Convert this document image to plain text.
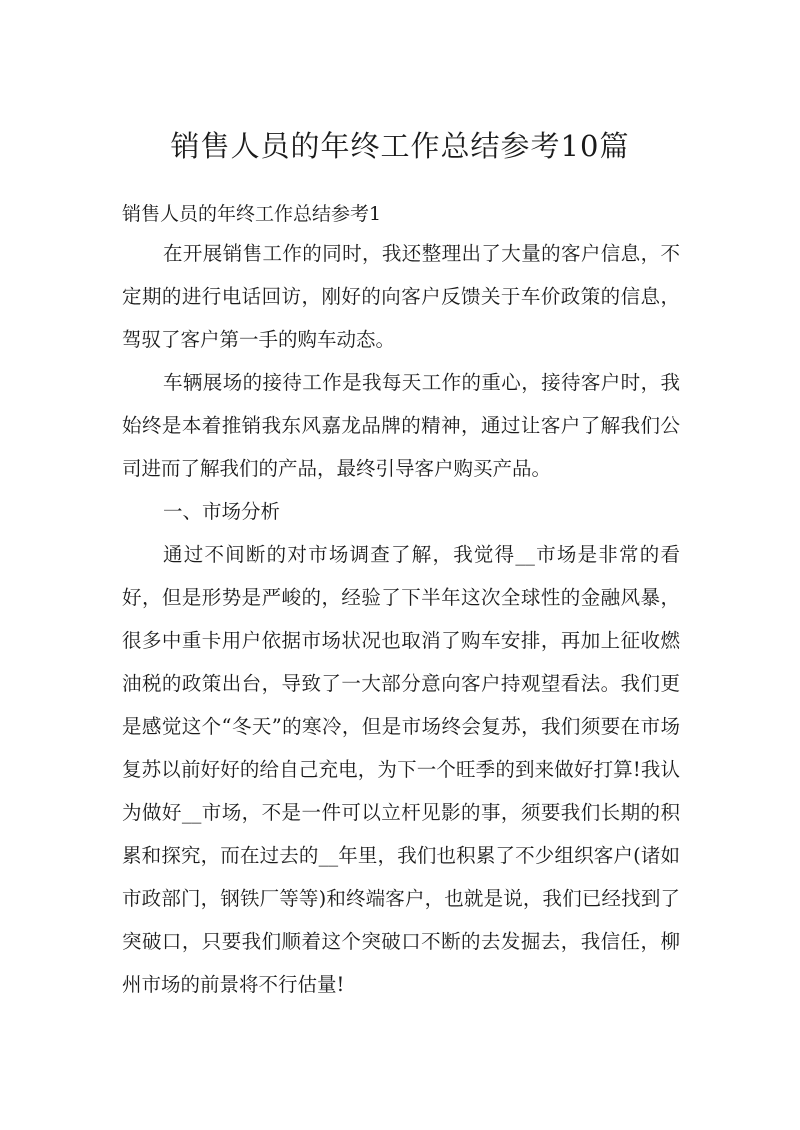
销售人员的年终工作总结参考10篇

销售人员的年终工作总结参考1

在开展销售工作的同时，我还整理出了大量的客户信息，不定期的进行电话回访，刚好的向客户反馈关于车价政策的信息，驾驭了客户第一手的购车动态。

车辆展场的接待工作是我每天工作的重心，接待客户时，我始终是本着推销我东风嘉龙品牌的精神，通过让客户了解我们公司进而了解我们的产品，最终引导客户购买产品。

一、市场分析

通过不间断的对市场调查了解，我觉得__市场是非常的看好，但是形势是严峻的，经验了下半年这次全球性的金融风暴，很多中重卡用户依据市场状况也取消了购车安排，再加上征收燃油税的政策出台，导致了一大部分意向客户持观望看法。我们更是感觉这个“冬天”的寒冷，但是市场终会复苏，我们须要在市场复苏以前好好的给自己充电，为下一个旺季的到来做好打算!我认为做好__市场，不是一件可以立杆见影的事，须要我们长期的积累和探究，而在过去的__年里，我们也积累了不少组织客户(诸如市政部门，钢铁厂等等)和终端客户，也就是说，我们已经找到了突破口，只要我们顺着这个突破口不断的去发掘去，我信任，柳州市场的前景将不行估量!
